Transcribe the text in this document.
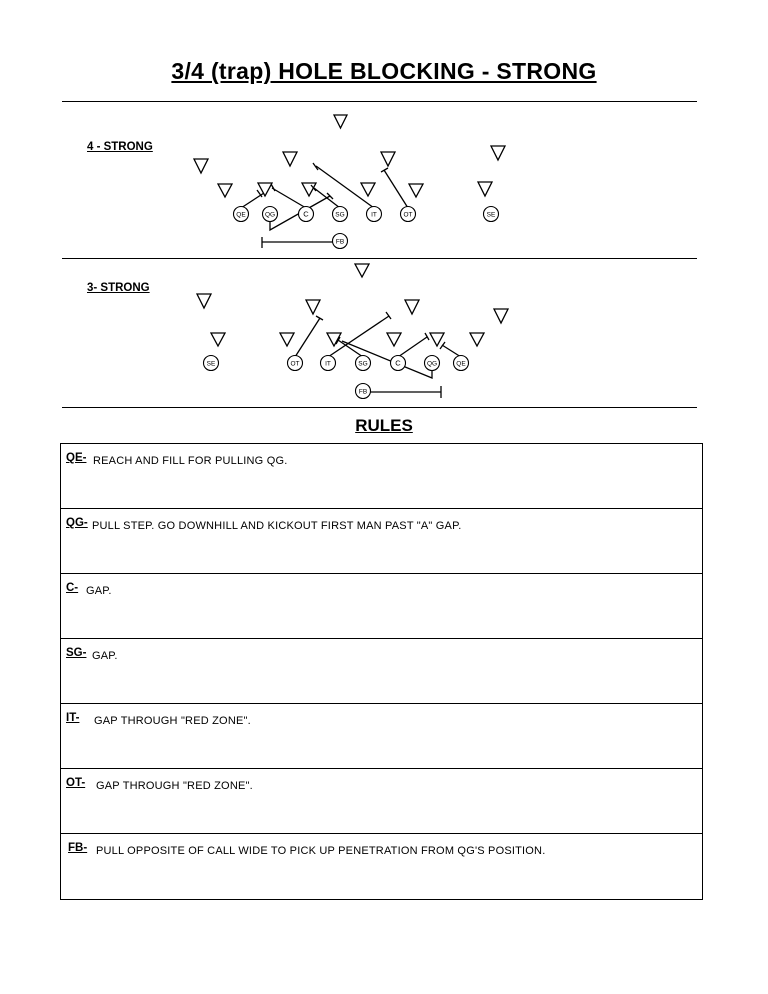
3/4 (trap) HOLE BLOCKING - STRONG
4 - STRONG
QE	QG	C	SG	IT	OT	SE
FB
3- STRONG
SE	OT	IT	SG	C	QG	QE
FB
RULES
QE- REACH AND FILL FOR PULLING QG.
QG- PULL STEP. GO DOWNHILL AND KICKOUT FIRST MAN PAST "A" GAP.
C- GAP.
SG- GAP.
IT- GAP THROUGH "RED ZONE".
OT- GAP THROUGH "RED ZONE".
FB- PULL OPPOSITE OF CALL WIDE TO PICK UP PENETRATION FROM QG'S POSITION.
